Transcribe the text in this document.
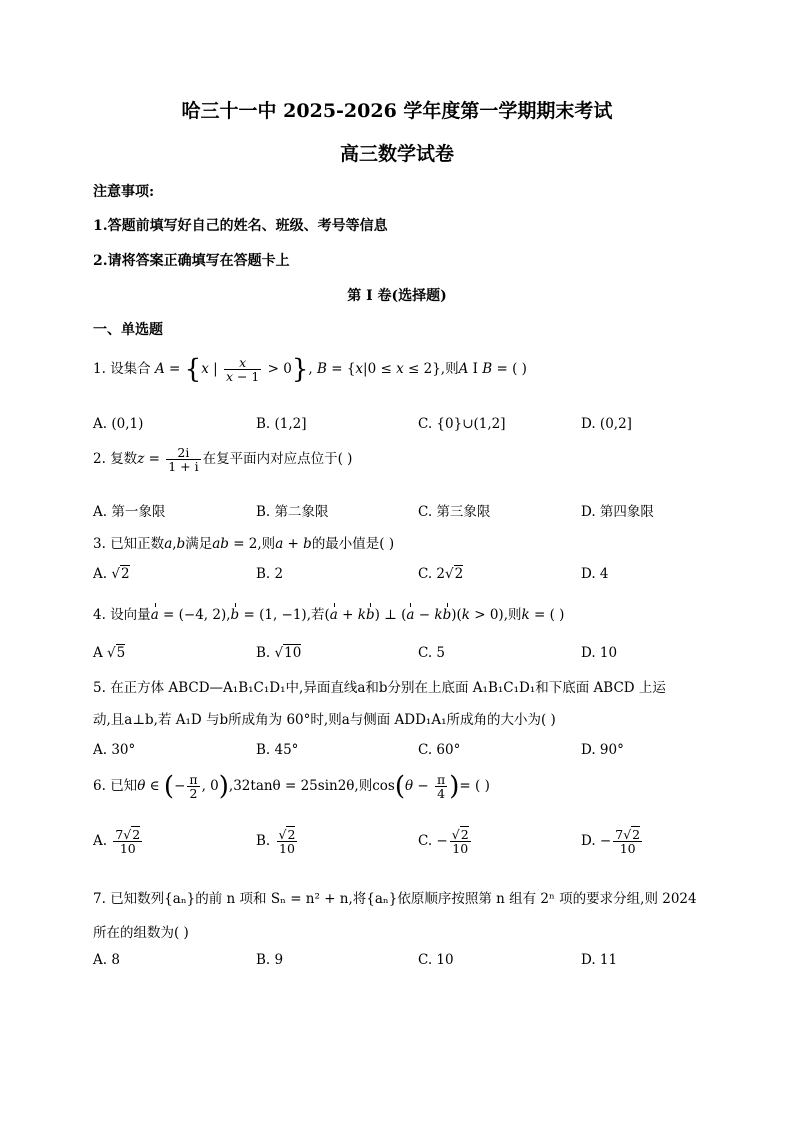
哈三十一中 2025-2026 学年度第一学期期末考试
高三数学试卷
注意事项:
1.答题前填写好自己的姓名、班级、考号等信息
2.请将答案正确填写在答题卡上
第 I 卷(选择题)
一、单选题
1. 设集合 A = {x | $\frac{x}{x - 1} > 0$}, B = {x|0 ≤ x ≤ 2},则A I B = ( )
A. (0,1)	B. (1,2]	C. {0}∪(1,2]	D. (0,2]
2. 复数$z = \frac{2i}{1 + i}$ 在复平面内对应点位于( )
A. 第一象限	B. 第二象限	C. 第三象限	D. 第四象限
3. 已知正数a,b满足ab = 2,则a + b的最小值是( )
A. √2	B. 2	C. 2√2	D. 4
4. 设向量a = (−4, 2),b = (1, −1),若(a + kb) ⊥ (a − kb)(k > 0),则k = ( )
A √5	B. √10	C. 5	D. 10
5. 在正方体 ABCD—A₁B₁C₁D₁中,异面直线a和b分别在上底面 A₁B₁C₁D₁和下底面 ABCD 上运
动,且a⊥b,若 A₁D 与b所成角为 60°时,则a与侧面 ADD₁A₁所成角的大小为( )
A. 30°	B. 45°	C. 60°	D. 90°
6. 已知θ ∈ (− $\frac{\pi}{2}$ , 0),32tanθ = 25sin2θ,则$\cos(\theta - \frac{\pi}{4}$ )= ( )
A. $\frac{7√2}{10}$	B. $\frac{√2}{10}$	C. − $\frac{√2}{10}$	D. − $\frac{7√2}{10}$
7. 已知数列{aₙ}的前 n 项和 Sₙ = n² + n,将{aₙ}依原顺序按照第 n 组有 2ⁿ 项的要求分组,则 2024
所在的组数为( )
A. 8	B. 9	C. 10	D. 11
